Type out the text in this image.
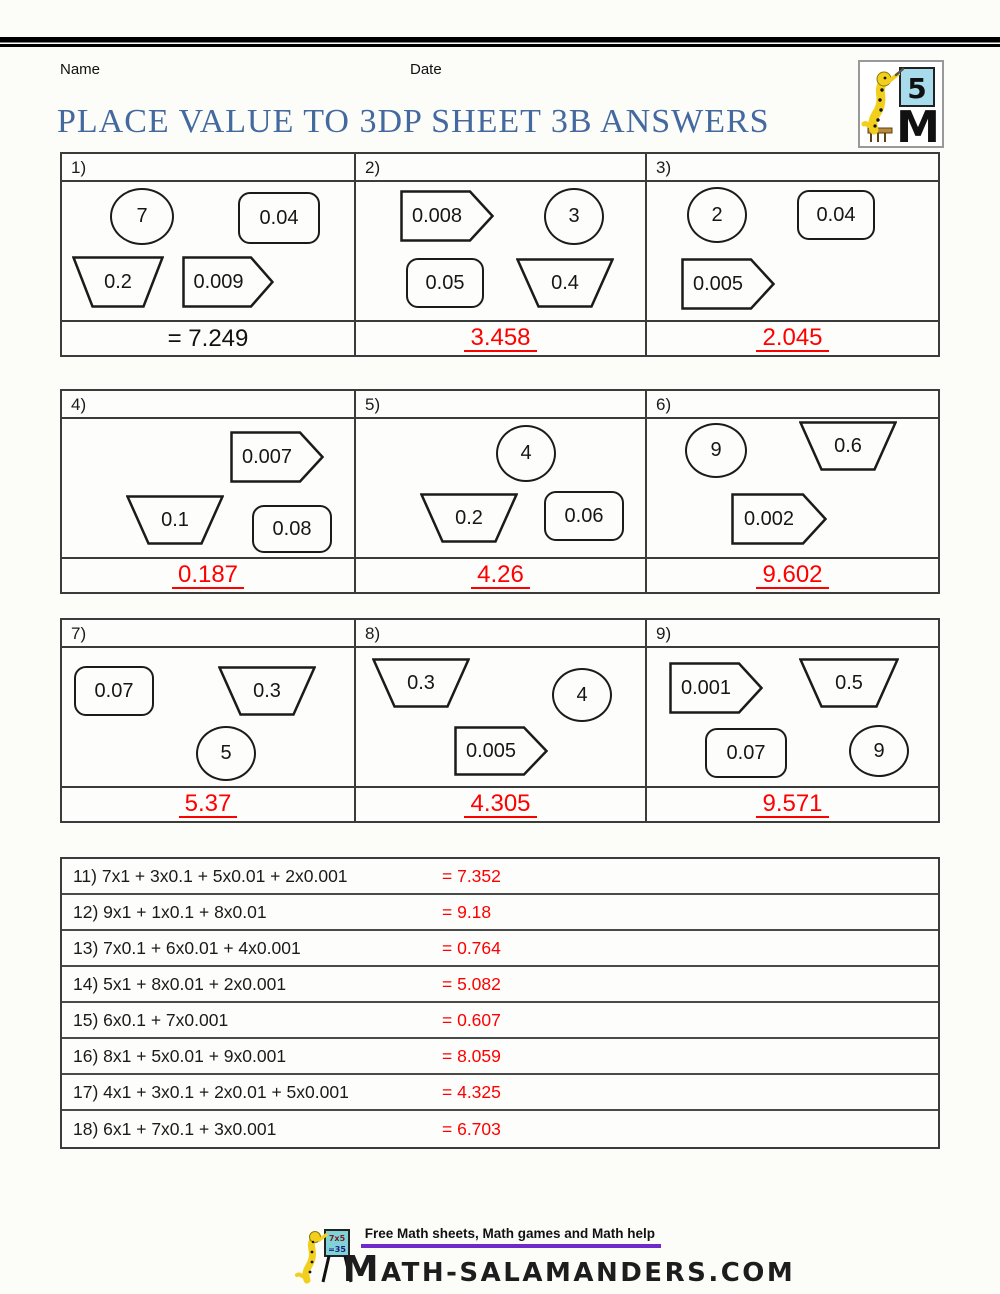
Name	Date
5
M
PLACE VALUE TO 3DP SHEET 3B ANSWERS
1)
7	0.04
0.2	0.009
= 7.249
2)
0.008	3
0.05	0.4
3.458
3)
2	0.04
0.005
2.045
4)
0.007
0.1	0.08
0.187
5)
4
0.2	0.06
4.26
6)
9	0.6
0.002
9.602
7)
0.07	0.3
5
5.37
8)
0.3
4
0.005
4.305
9)
0.001	0.5
0.07	9
9.571
11) 7x1 + 3x0.1 + 5x0.01 + 2x0.001	= 7.352
12) 9x1 + 1x0.1 + 8x0.01	= 9.18
13) 7x0.1 + 6x0.01 + 4x0.001	= 0.764
14) 5x1 + 8x0.01 + 2x0.001	= 5.082
15) 6x0.1 + 7x0.001	= 0.607
16) 8x1 + 5x0.01 + 9x0.001	= 8.059
17) 4x1 + 3x0.1 + 2x0.01 + 5x0.001	= 4.325
18) 6x1 + 7x0.1 + 3x0.001	= 6.703
7x5
=35
Free Math sheets, Math games and Math help
MATH-SALAMANDERS.COM
